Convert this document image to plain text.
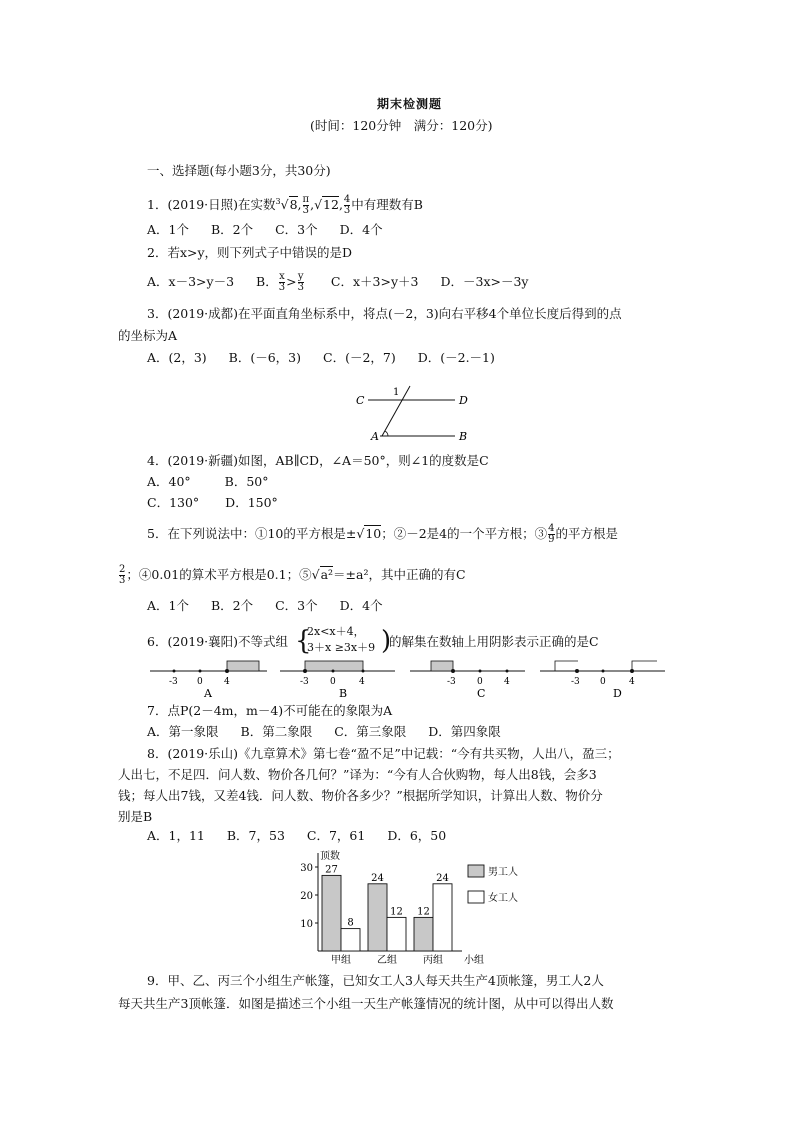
期末检测题
(时间：120分钟　满分：120分)
一、选择题(每小题3分，共30分)
1．(2019·日照)在实数$^3$√8, $\frac{\pi}{3} ,√12$, $\frac{4}{3}$ 中有理数有B
A．1个 B．2个 C．3个 D．4个
2．若x>y，则下列式子中错误的是D
A．x－3>y－3 B． $\frac{x}{3} > \frac{y}{3}$ C．x＋3>y＋3 D．－3x>－3y
3．(2019·成都)在平面直角坐标系中，将点(－2，3)向右平移4个单位长度后得到的点
的坐标为A
A．(2，3) B．(－6，3) C．(－2，7) D．(－2.－1)
C	D
A	B
1
4．(2019·新疆)如图，AB∥CD，∠A＝50°，则∠1的度数是C
A．40°	B．50°
C．130° D．150°
5．在下列说法中：①10的平方根是±√10；②－2是4的一个平方根；③ $\frac{4}{9}$ 的平方根是
$\frac{2}{3}$ ；④0.01的算术平方根是0.1；⑤√a²＝±a²，其中正确的有C
A．1个 B．2个 C．3个 D．4个
6．(2019·襄阳)不等式组 {
2x<x＋4，
3＋x ≥3x＋9 )
的解集在数轴上用阴影表示正确的是C
-3 0 4
A
-3 0	4
B
-3 0 4
C
-3 0	4
D
7．点P(2－4m，m－4)不可能在的象限为A
A．第一象限 B．第二象限 C．第三象限 D．第四象限
8．(2019·乐山)《九章算术》第七卷“盈不足”中记载：“今有共买物，人出八，盈三；
人出七，不足四．问人数、物价各几何？”译为：“今有人合伙购物，每人出8钱，会多3
钱；每人出7钱，又差4钱．问人数、物价各多少？”根据所学知识，计算出人数、物价分
别是B
A．1，11 B．7，53 C．7，61 D．6，50
小组
顶数
10
20
30 27
8
甲组
24
12
乙组
12
24
丙组
男工人
女工人
9．甲、乙、丙三个小组生产帐篷，已知女工人3人每天共生产4顶帐篷，男工人2人
每天共生产3顶帐篷．如图是描述三个小组一天生产帐篷情况的统计图，从中可以得出人数
